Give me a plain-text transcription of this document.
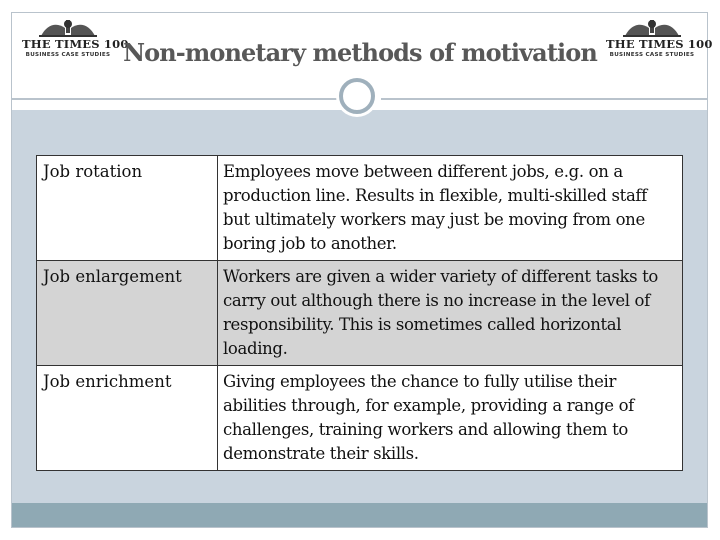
THE TIMES 100
BUSINESS CASE STUDIES
THE TIMES 100
BUSINESS CASE STUDIES
Non-monetary methods of motivation
Job rotation	Employees move between different jobs, e.g. on a production line. Results in flexible, multi-skilled staff but ultimately workers may just be moving from one boring job to another.
Job enlargement	Workers are given a wider variety of different tasks to carry out although there is no increase in the level of responsibility. This is sometimes called horizontal loading.
Job enrichment	Giving employees the chance to fully utilise their abilities through, for example, providing a range of challenges, training workers and allowing them to demonstrate their skills.
